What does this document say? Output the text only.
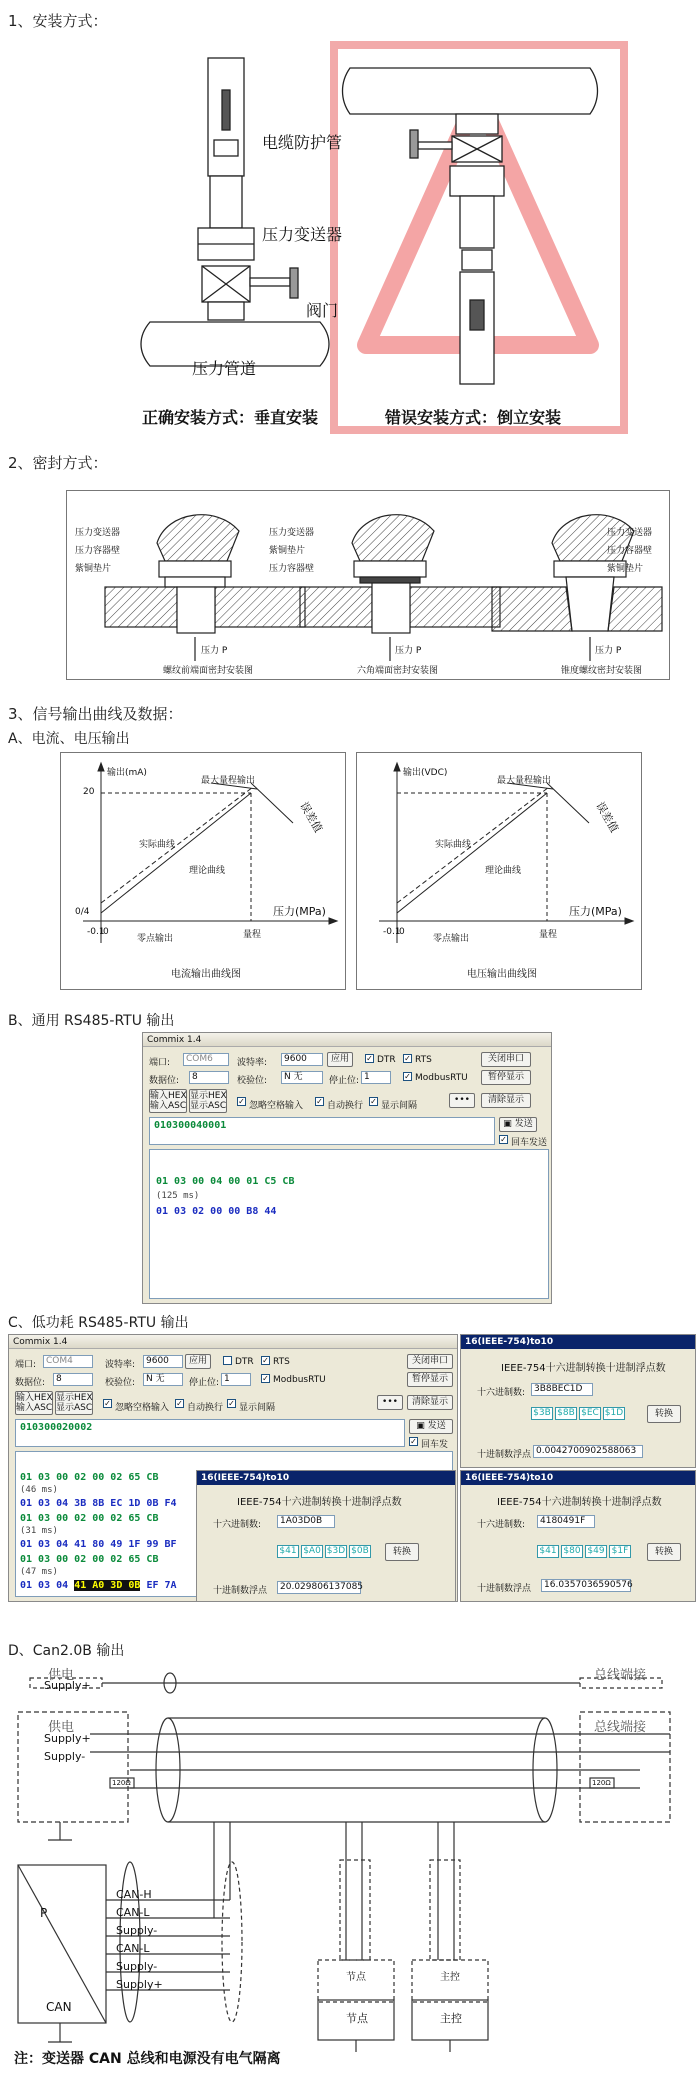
1、安装方式：
电缆防护管
压力变送器
阀门
压力管道
正确安装方式：垂直安装	错误安装方式：倒立安装
2、密封方式：
压力变送器
压力容器壁
紫铜垫片
压力 P
螺纹前端面密封安装图
压力变送器
紫铜垫片
压力容器壁
压力 P
六角端面密封安装图
压力变送器
压力容器壁
紫铜垫片
压力 P
锥度螺纹密封安装图
3、信号输出曲线及数据：
A、电流、电压输出
输出(mA)
20
0/4
-0.1
0	量程
最大量程输出
实际曲线
理论曲线
压力(MPa)
零点输出
误差值
电流输出曲线图
输出(VDC)
-0.1
0	量程
最大量程输出
实际曲线
理论曲线
压力(MPa)
零点输出
误差值
电压输出曲线图
B、通用 RS485-RTU 输出
Commix 1.4
端口:	COM6	波特率:	9600	应用	✓ DTR ✓ RTS	关闭串口
数据位:	8	校验位:	N 无	停止位: 1	✓ ModbusRTU	暂停显示
输入HEX
输入ASC
显示HEX
显示ASC ✓ 忽略空格输入 ✓ 自动换行 ✓ 显示间隔
•••	清除显示
010300040001	▣ 发送
✓ 回车发送
01 03 00 04 00 01 C5 CB
(125 ms)
01 03 02 00 00 B8 44
C、低功耗 RS485-RTU 输出
Commix 1.4
端口:	COM4	波特率:	9600	应用	DTR ✓ RTS	关闭串口
数据位:	8	校验位:	N 无	停止位: 1	✓ ModbusRTU	暂停显示
输入HEX
输入ASC
显示HEX
显示ASC ✓ 忽略空格输入 ✓ 自动换行 ✓ 显示间隔
•••	清除显示
010300020002	▣ 发送
✓ 回车发
01 03 00 02 00 02 65 CB
(46 ms)
01 03 04 3B 8B EC 1D 0B F4
01 03 00 02 00 02 65 CB
(31 ms)
01 03 04 41 80 49 1F 99 BF
01 03 00 02 00 02 65 CB
(47 ms)
01 03 04 41 A0 3D 0B EF 7A
16(IEEE-754)to10
IEEE-754十六进制转换十进制浮点数
十六进制数: 3B8BEC1D
$3B $8B $EC $1D	转换
十进制数浮点 0.0042700902588063
16(IEEE-754)to10
IEEE-754十六进制转换十进制浮点数
十六进制数:	1A03D0B
$41 $A0 $3D $0B	转换
十进制数浮点	20.029806137085
16(IEEE-754)to10
IEEE-754十六进制转换十进制浮点数
十六进制数:	4180491F
$41 $80 $49 $1F	转换
十进制数浮点	16.0357036590576
D、Can2.0B 输出
供电	总线端接
Supply+
供电	总线端接
Supply+
Supply-
120Ω	120Ω
P
CAN
CAN-H
CAN-L
Supply-
CAN-L
Supply-
Supply+
节点	主控
节点	主控
注：变送器 CAN 总线和电源没有电气隔离
